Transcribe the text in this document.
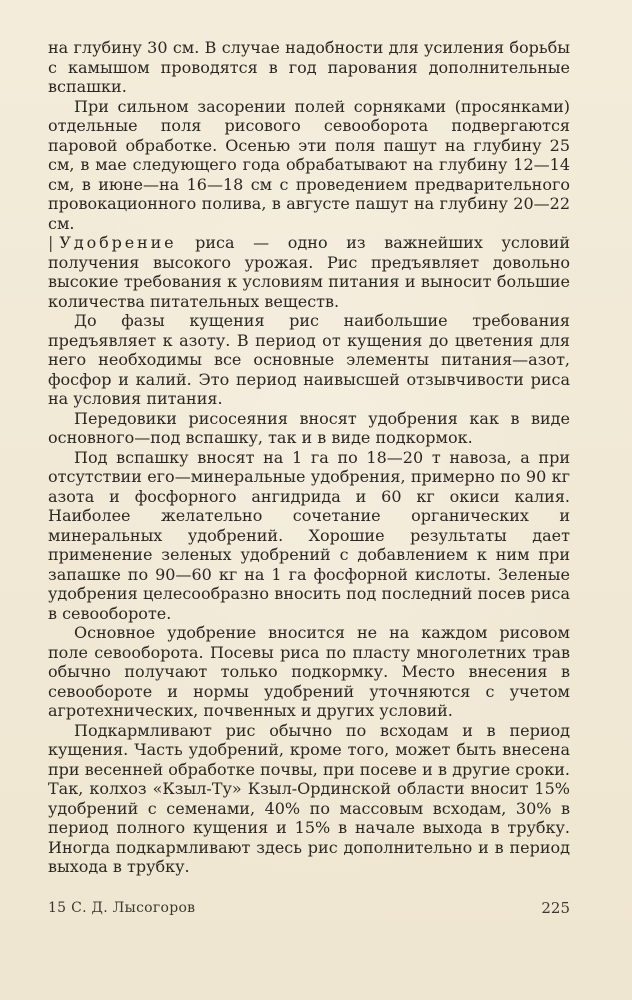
на глубину 30 см. В случае надобности для усиления борьбы с камышом проводятся в год парования дополнительные вспашки.

При сильном засорении полей сорняками (просянками) отдельные поля рисового севооборота подвергаются паровой обработке. Осенью эти поля пашут на глубину 25 см, в мае следующего года обрабатывают на глубину 12—14 см, в июне—на 16—18 см с проведением предварительного провокационного полива, в августе пашут на глубину 20—22 см.

| Удобрение риса — одно из важнейших условий получения высокого урожая. Рис предъявляет довольно высокие требования к условиям питания и выносит большие количества питательных веществ.

До фазы кущения рис наибольшие требования предъявляет к азоту. В период от кущения до цветения для него необходимы все основные элементы питания—азот, фосфор и калий. Это период наивысшей отзывчивости риса на условия питания.

Передовики рисосеяния вносят удобрения как в виде основного—под вспашку, так и в виде подкормок.

Под вспашку вносят на 1 га по 18—20 т навоза, а при отсутствии его—минеральные удобрения, примерно по 90 кг азота и фосфорного ангидрида и 60 кг окиси калия. Наиболее желательно сочетание органических и минеральных удобрений. Хорошие результаты дает применение зеленых удобрений с добавлением к ним при запашке по 90—60 кг на 1 га фосфорной кислоты. Зеленые удобрения целесообразно вносить под последний посев риса в севообороте.

Основное удобрение вносится не на каждом рисовом поле севооборота. Посевы риса по пласту многолетних трав обычно получают только подкормку. Место внесения в севообороте и нормы удобрений уточняются с учетом агротехнических, почвенных и других условий.

Подкармливают рис обычно по всходам и в период кущения. Часть удобрений, кроме того, может быть внесена при весенней обработке почвы, при посеве и в другие сроки. Так, колхоз «Кзыл-Ту» Кзыл-Ординской области вносит 15% удобрений с семенами, 40% по массовым всходам, 30% в период полного кущения и 15% в начале выхода в трубку. Иногда подкармливают здесь рис дополнительно и в период выхода в трубку.

15 С. Д. Лысогоров	225
